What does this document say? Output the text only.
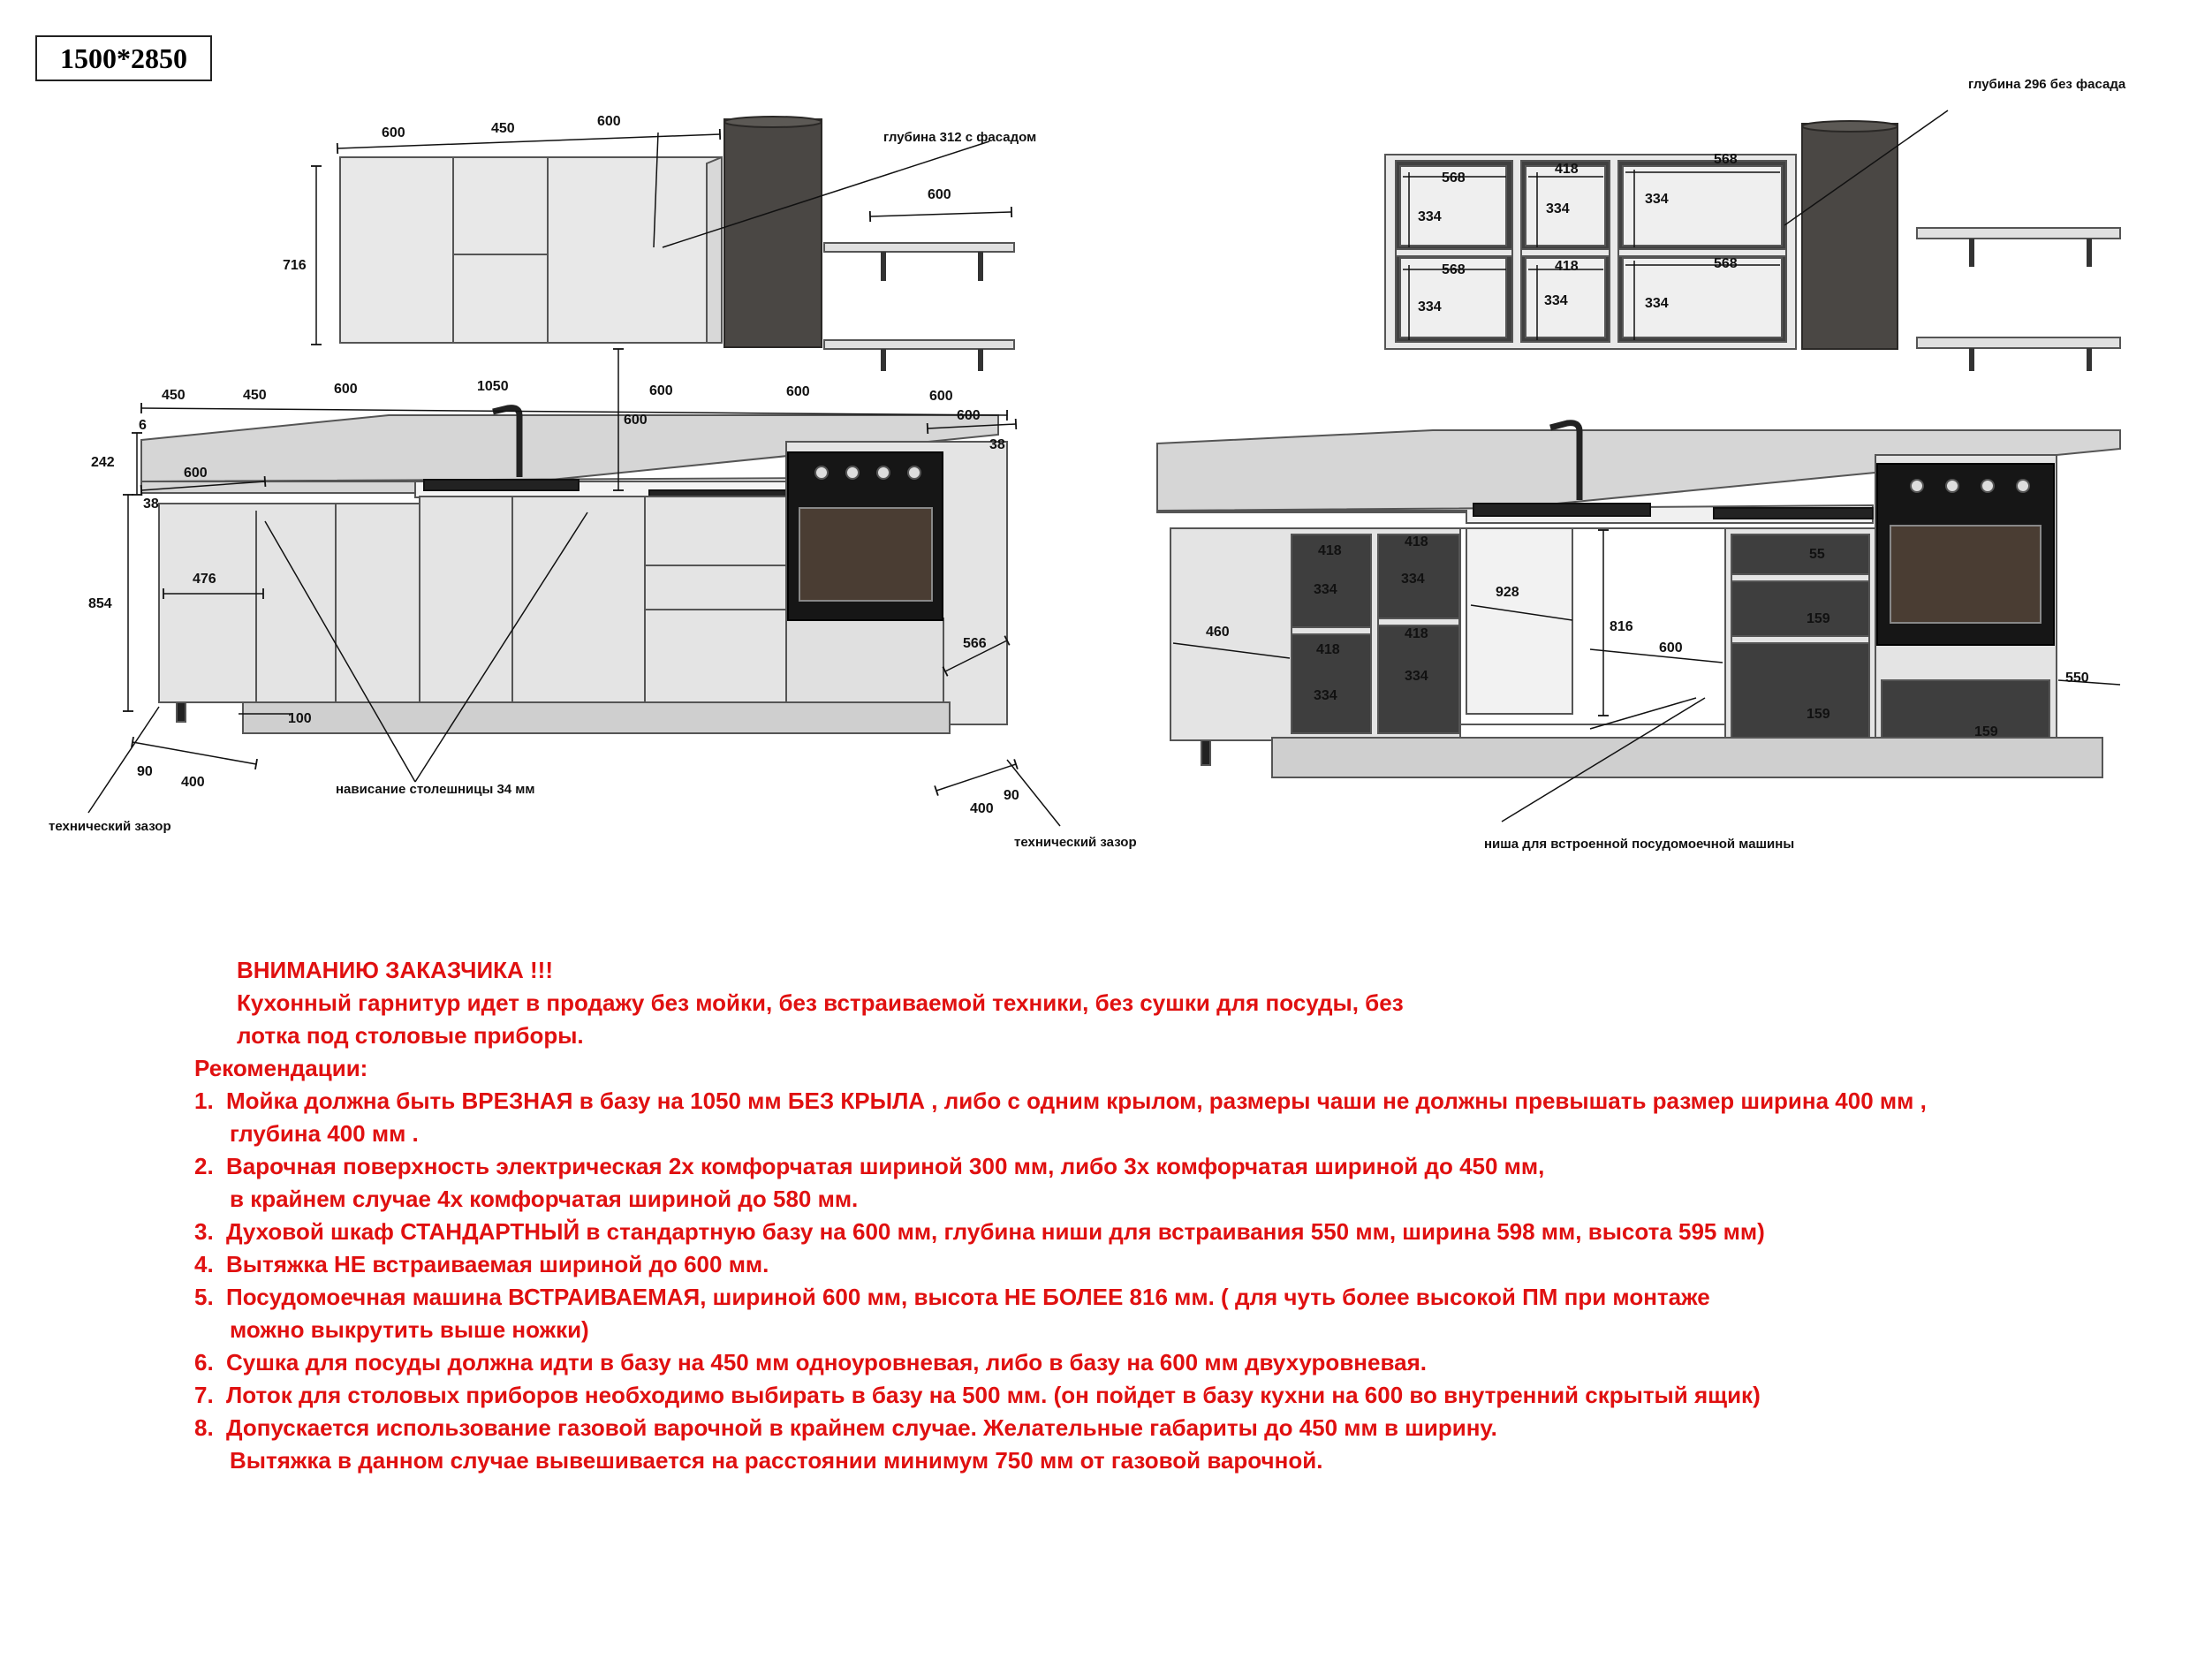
1500*2850
600	450	600
716
глубина 312 с фасадом
600
450	450	600	1050	600	600	600
6
242
600
38
854
476
100
90
400
600	600
38
566
90
400
нависание столешницы 34 мм
технический зазор
технический зазор
глубина 296 без фасада
568
334
568
334
418
334
418
334
568
334
568
334
418
334
418
334
418
334
418
334
460
928
816
600
55
159
159
159
550
ниша для встроенной посудомоечной машины
ВНИМАНИЮ ЗАКАЗЧИКА !!!
Кухонный гарнитур идет в продажу без мойки, без встраиваемой техники, без сушки для посуды, без
лотка под столовые приборы.
Рекомендации:
1. Мойка должна быть ВРЕЗНАЯ в базу на 1050 мм БЕЗ КРЫЛА , либо с одним крылом, размеры чаши не должны превышать размер ширина 400 мм ,
глубина 400 мм .
2. Варочная поверхность электрическая 2х комфорчатая шириной 300 мм, либо 3х комфорчатая шириной до 450 мм,
в крайнем случае 4х комфорчатая шириной до 580 мм.
3. Духовой шкаф СТАНДАРТНЫЙ в стандартную базу на 600 мм, глубина ниши для встраивания 550 мм, ширина 598 мм, высота 595 мм)
4. Вытяжка НЕ встраиваемая шириной до 600 мм.
5. Посудомоечная машина ВСТРАИВАЕМАЯ, шириной 600 мм, высота НЕ БОЛЕЕ 816 мм. ( для чуть более высокой ПМ при монтаже
можно выкрутить выше ножки)
6. Сушка для посуды должна идти в базу на 450 мм одноуровневая, либо в базу на 600 мм двухуровневая.
7. Лоток для столовых приборов необходимо выбирать в базу на 500 мм. (он пойдет в базу кухни на 600 во внутренний скрытый ящик)
8. Допускается использование газовой варочной в крайнем случае. Желательные габариты до 450 мм в ширину.
Вытяжка в данном случае вывешивается на расстоянии минимум 750 мм от газовой варочной.
